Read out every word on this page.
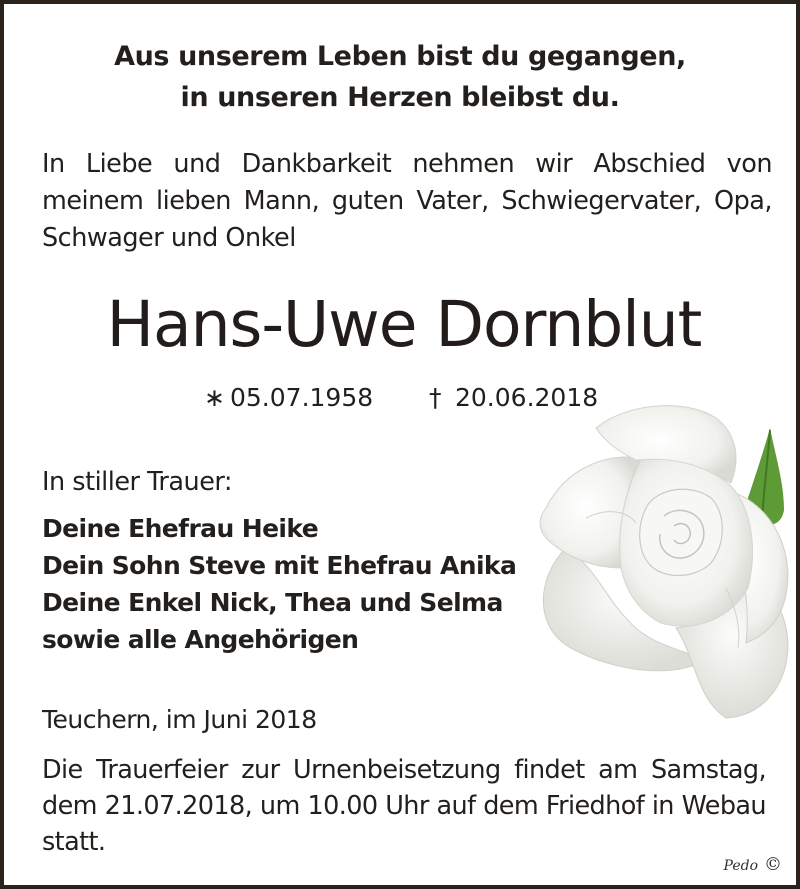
Aus unserem Leben bist du gegangen,
in unseren Herzen bleibst du.
In Liebe und Dankbarkeit nehmen wir Abschied von
meinem lieben Mann, guten Vater, Schwiegervater, Opa,
Schwager und Onkel
Hans-Uwe Dornblut
∗ 05.07.1958 † 20.06.2018
In stiller Trauer:
Deine Ehefrau Heike
Dein Sohn Steve mit Ehefrau Anika
Deine Enkel Nick, Thea und Selma
sowie alle Angehörigen
Teuchern, im Juni 2018
Die Trauerfeier zur Urnenbeisetzung findet am Samstag,
dem 21.07.2018, um 10.00 Uhr auf dem Friedhof in Webau
statt.
Pedo ©
